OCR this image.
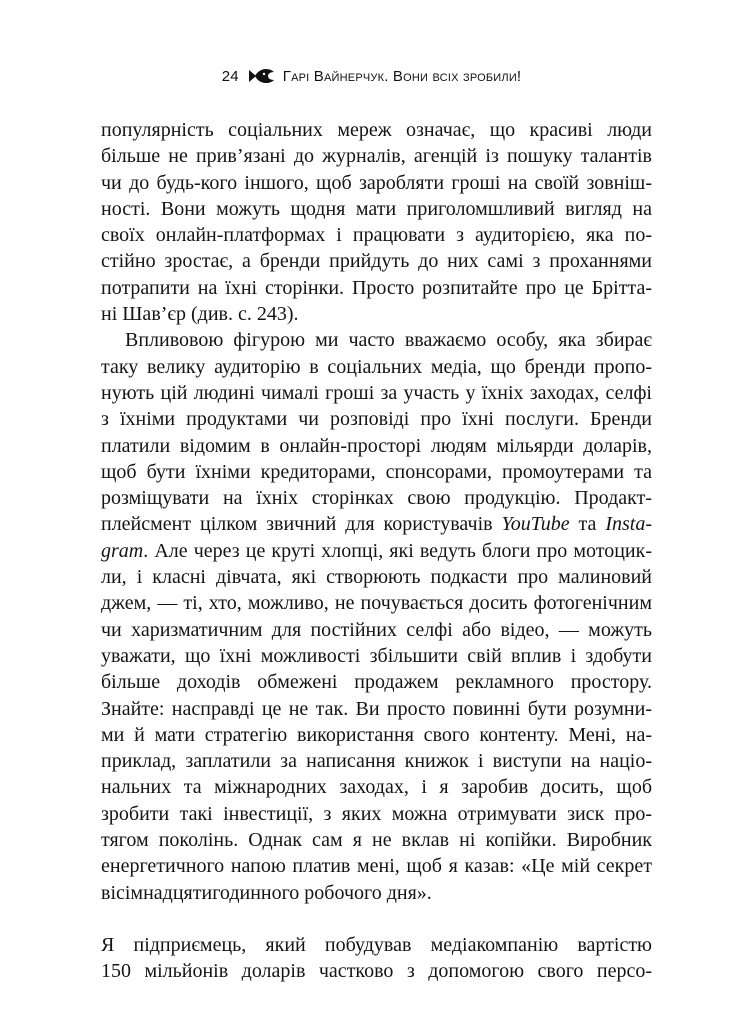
24	Гарі Вайнерчук. Вони всіх зробили!
популярність соціальних мереж означає, що красиві люди
більше не прив’язані до журналів, агенцій із пошуку талантів
чи до будь-кого іншого, щоб заробляти гроші на своїй зовніш-
ності. Вони можуть щодня мати приголомшливий вигляд на
своїх онлайн-платформах і працювати з аудиторією, яка по-
стійно зростає, а бренди прийдуть до них самі з проханнями
потрапити на їхні сторінки. Просто розпитайте про це Брітта-
ні Шав’єр (див. с. 243).
Впливовою фігурою ми часто вважаємо особу, яка збирає
таку велику аудиторію в соціальних медіа, що бренди пропо-
нують цій людині чималі гроші за участь у їхніх заходах, селфі
з їхніми продуктами чи розповіді про їхні послуги. Бренди
платили відомим в онлайн-просторі людям мільярди доларів,
щоб бути їхніми кредиторами, спонсорами, промоутерами та
розміщувати на їхніх сторінках свою продукцію. Продакт-
плейсмент цілком звичний для користувачів YouTube та Insta-
gram. Але через це круті хлопці, які ведуть блоги про мотоцик-
ли, і класні дівчата, які створюють подкасти про малиновий
джем, — ті, хто, можливо, не почувається досить фотогенічним
чи харизматичним для постійних селфі або відео, — можуть
уважати, що їхні можливості збільшити свій вплив і здобути
більше доходів обмежені продажем рекламного простору.
Знайте: насправді це не так. Ви просто повинні бути розумни-
ми й мати стратегію використання свого контенту. Мені, на-
приклад, заплатили за написання книжок і виступи на націо-
нальних та міжнародних заходах, і я заробив досить, щоб
зробити такі інвестиції, з яких можна отримувати зиск про-
тягом поколінь. Однак сам я не вклав ні копійки. Виробник
енергетичного напою платив мені, щоб я казав: «Це мій секрет
вісімнадцятигодинного робочого дня».
Я підприємець, який побудував медіакомпанію вартістю
150 мільйонів доларів частково з допомогою свого персо-
